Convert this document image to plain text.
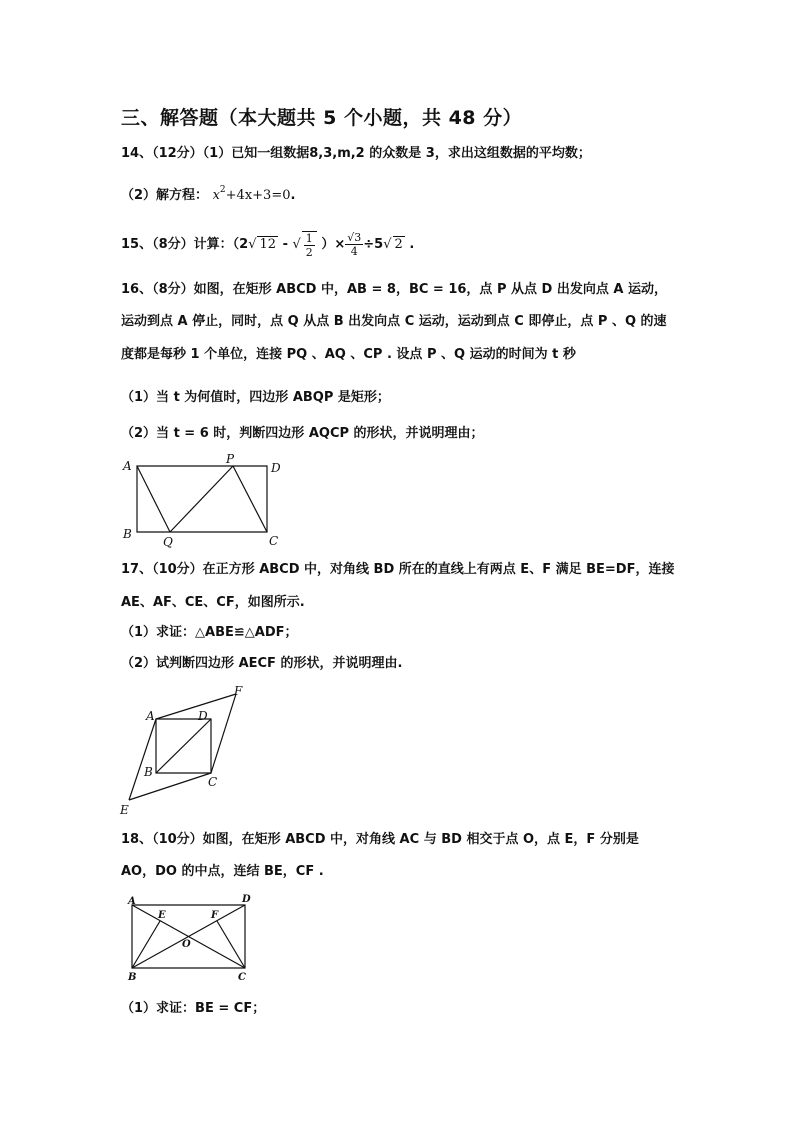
三、解答题（本大题共 5 个小题，共 48 分）
14、（12分）（1）已知一组数据8,3,m,2 的众数是 3，求出这组数据的平均数；
（2）解方程： $x^2+4x+3=0$.
15、（8分）计算：（2√ 12 - √ $\frac{1}{2}$ ）× $\frac{√3}{4} \div 5√$ 2 .
16、（8分）如图，在矩形 ABCD 中，AB = 8，BC = 16，点 P 从点 D 出发向点 A 运动，
运动到点 A 停止，同时，点 Q 从点 B 出发向点 C 运动，运动到点 C 即停止，点 P 、Q 的速
度都是每秒 1 个单位，连接 PQ 、AQ 、CP . 设点 P 、Q 运动的时间为 t 秒
（1）当 t 为何值时，四边形 ABQP 是矩形；
（2）当 t = 6 时，判断四边形 AQCP 的形状，并说明理由；
A
B	C
D
P
Q
17、（10分）在正方形 ABCD 中，对角线 BD 所在的直线上有两点 E、F 满足 BE=DF，连接
AE、AF、CE、CF，如图所示.
（1）求证：△ABE≌△ADF；
（2）试判断四边形 AECF 的形状，并说明理由.
A
B
C
D
E
F
18、（10分）如图，在矩形 ABCD 中，对角线 AC 与 BD 相交于点 O，点 E，F 分别是
AO，DO 的中点，连结 BE，CF .
A
B	C
D
E	F
O
（1）求证：BE = CF；
